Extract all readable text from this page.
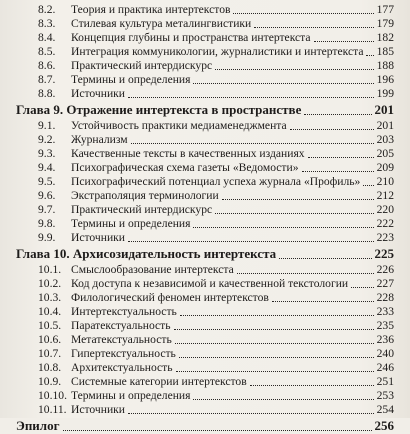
8.2.	Теория и практика интертекстов	177
8.3.	Стилевая культура металингвистики	179
8.4.	Концепция глубины и пространства интертекста	182
8.5.	Интеграция коммуникологии, журналистики и интертекста 185
8.6.	Практический интердискурс	188
8.7.	Термины и определения	196
8.8.	Источники	199
Глава 9. Отражение интертекста в пространстве	201
9.1.	Устойчивость практики медиаменеджмента	201
9.2.	Журнализм	203
9.3.	Качественные тексты в качественных изданиях	205
9.4.	Психографическая схема газеты «Ведомости»	209
9.5.	Психографический потенциал успеха журнала «Профиль» 210
9.6.	Экстраполяция терминологии	212
9.7.	Практический интердискурс	220
9.8.	Термины и определения	222
9.9.	Источники	223
Глава 10. Архисозидательность интертекста	225
10.1. Смыслообразование интертекста	226
10.2. Код доступа к независимой и качественной текстологии 227
10.3. Филологический феномен интертекстов	228
10.4. Интертекстуальность	233
10.5. Паратекстуальность	235
10.6. Метатекстуальность	236
10.7. Гипертекстуальность	240
10.8. Архитекстуальность	246
10.9. Системные категории интертекстов	251
10.10. Термины и определения	253
10.11. Источники	254
Эпилог	256
